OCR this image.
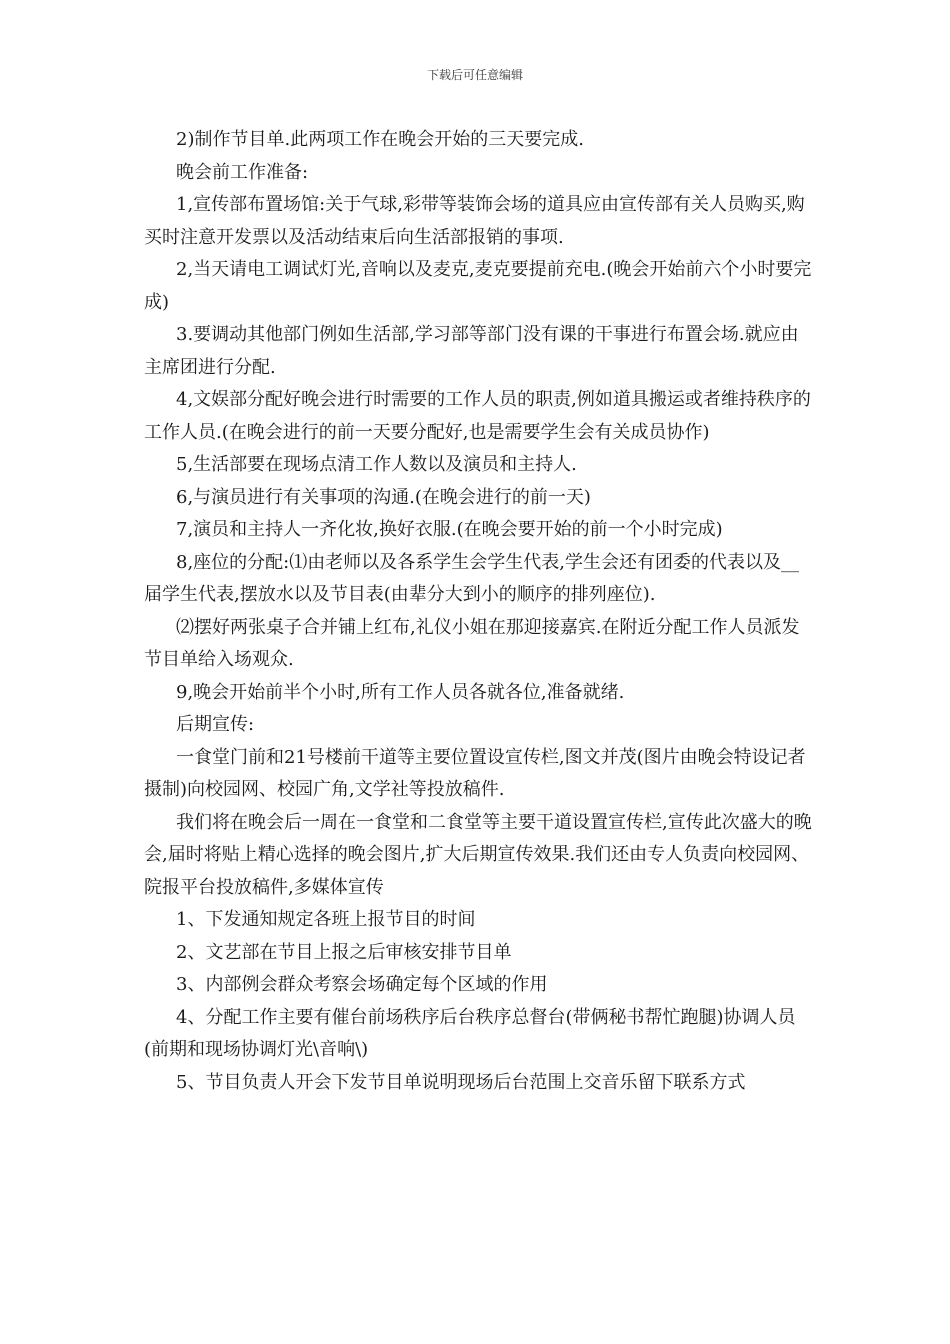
下载后可任意编辑

2)制作节目单.此两项工作在晚会开始的三天要完成.

晚会前工作准备:

1,宣传部布置场馆:关于气球,彩带等装饰会场的道具应由宣传部有关人员购买,购买时注意开发票以及活动结束后向生活部报销的事项.

2,当天请电工调试灯光,音响以及麦克,麦克要提前充电.(晚会开始前六个小时要完成)

3.要调动其他部门例如生活部,学习部等部门没有课的干事进行布置会场.就应由主席团进行分配.

4,文娱部分配好晚会进行时需要的工作人员的职责,例如道具搬运或者维持秩序的工作人员.(在晚会进行的前一天要分配好,也是需要学生会有关成员协作)

5,生活部要在现场点清工作人数以及演员和主持人.

6,与演员进行有关事项的沟通.(在晚会进行的前一天)

7,演员和主持人一齐化妆,换好衣服.(在晚会要开始的前一个小时完成)

8,座位的分配:⑴由老师以及各系学生会学生代表,学生会还有团委的代表以及__届学生代表,摆放水以及节目表(由辈分大到小的顺序的排列座位).

⑵摆好两张桌子合并铺上红布,礼仪小姐在那迎接嘉宾.在附近分配工作人员派发节目单给入场观众.

9,晚会开始前半个小时,所有工作人员各就各位,准备就绪.

后期宣传:

一食堂门前和21号楼前干道等主要位置设宣传栏,图文并茂(图片由晚会特设记者摄制)向校园网、校园广角,文学社等投放稿件.

我们将在晚会后一周在一食堂和二食堂等主要干道设置宣传栏,宣传此次盛大的晚会,届时将贴上精心选择的晚会图片,扩大后期宣传效果.我们还由专人负责向校园网、院报平台投放稿件,多媒体宣传

1、下发通知规定各班上报节目的时间

2、文艺部在节目上报之后审核安排节目单

3、内部例会群众考察会场确定每个区域的作用

4、分配工作主要有催台前场秩序后台秩序总督台(带俩秘书帮忙跑腿)协调人员(前期和现场协调灯光\音响\)

5、节目负责人开会下发节目单说明现场后台范围上交音乐留下联系方式
